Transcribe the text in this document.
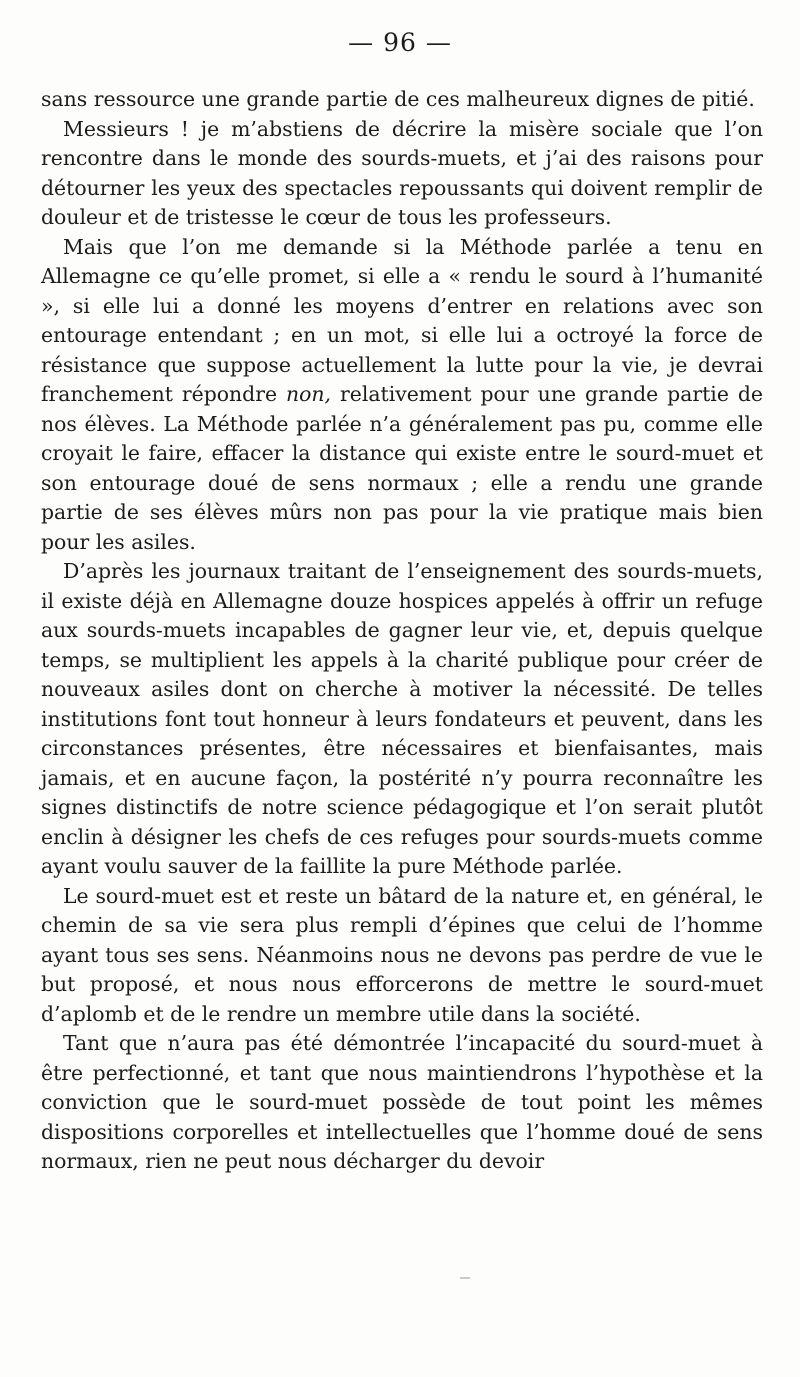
— 96 —

sans ressource une grande partie de ces malheureux dignes de pitié.

Messieurs ! je m’abstiens de décrire la misère sociale que l’on rencontre dans le monde des sourds-muets, et j’ai des raisons pour détourner les yeux des spectacles repoussants qui doivent remplir de douleur et de tristesse le cœur de tous les professeurs.

Mais que l’on me demande si la Méthode parlée a tenu en Allemagne ce qu’elle promet, si elle a « rendu le sourd à l’humanité », si elle lui a donné les moyens d’entrer en relations avec son entourage entendant ; en un mot, si elle lui a octroyé la force de résistance que suppose actuellement la lutte pour la vie, je devrai franchement répondre non, relativement pour une grande partie de nos élèves. La Méthode parlée n’a généralement pas pu, comme elle croyait le faire, effacer la distance qui existe entre le sourd-muet et son entourage doué de sens normaux ; elle a rendu une grande partie de ses élèves mûrs non pas pour la vie pratique mais bien pour les asiles.

D’après les journaux traitant de l’enseignement des sourds-muets, il existe déjà en Allemagne douze hospices appelés à offrir un refuge aux sourds-muets incapables de gagner leur vie, et, depuis quelque temps, se multiplient les appels à la charité publique pour créer de nouveaux asiles dont on cherche à motiver la nécessité. De telles institutions font tout honneur à leurs fondateurs et peuvent, dans les circonstances présentes, être nécessaires et bienfaisantes, mais jamais, et en aucune façon, la postérité n’y pourra reconnaître les signes distinctifs de notre science pédagogique et l’on serait plutôt enclin à désigner les chefs de ces refuges pour sourds-muets comme ayant voulu sauver de la faillite la pure Méthode parlée.

Le sourd-muet est et reste un bâtard de la nature et, en général, le chemin de sa vie sera plus rempli d’épines que celui de l’homme ayant tous ses sens. Néanmoins nous ne devons pas perdre de vue le but proposé, et nous nous efforcerons de mettre le sourd-muet d’aplomb et de le rendre un membre utile dans la société.

Tant que n’aura pas été démontrée l’incapacité du sourd-muet à être perfectionné, et tant que nous maintiendrons l’hypothèse et la conviction que le sourd-muet possède de tout point les mêmes dispositions corporelles et intellectuelles que l’homme doué de sens normaux, rien ne peut nous décharger du devoir
